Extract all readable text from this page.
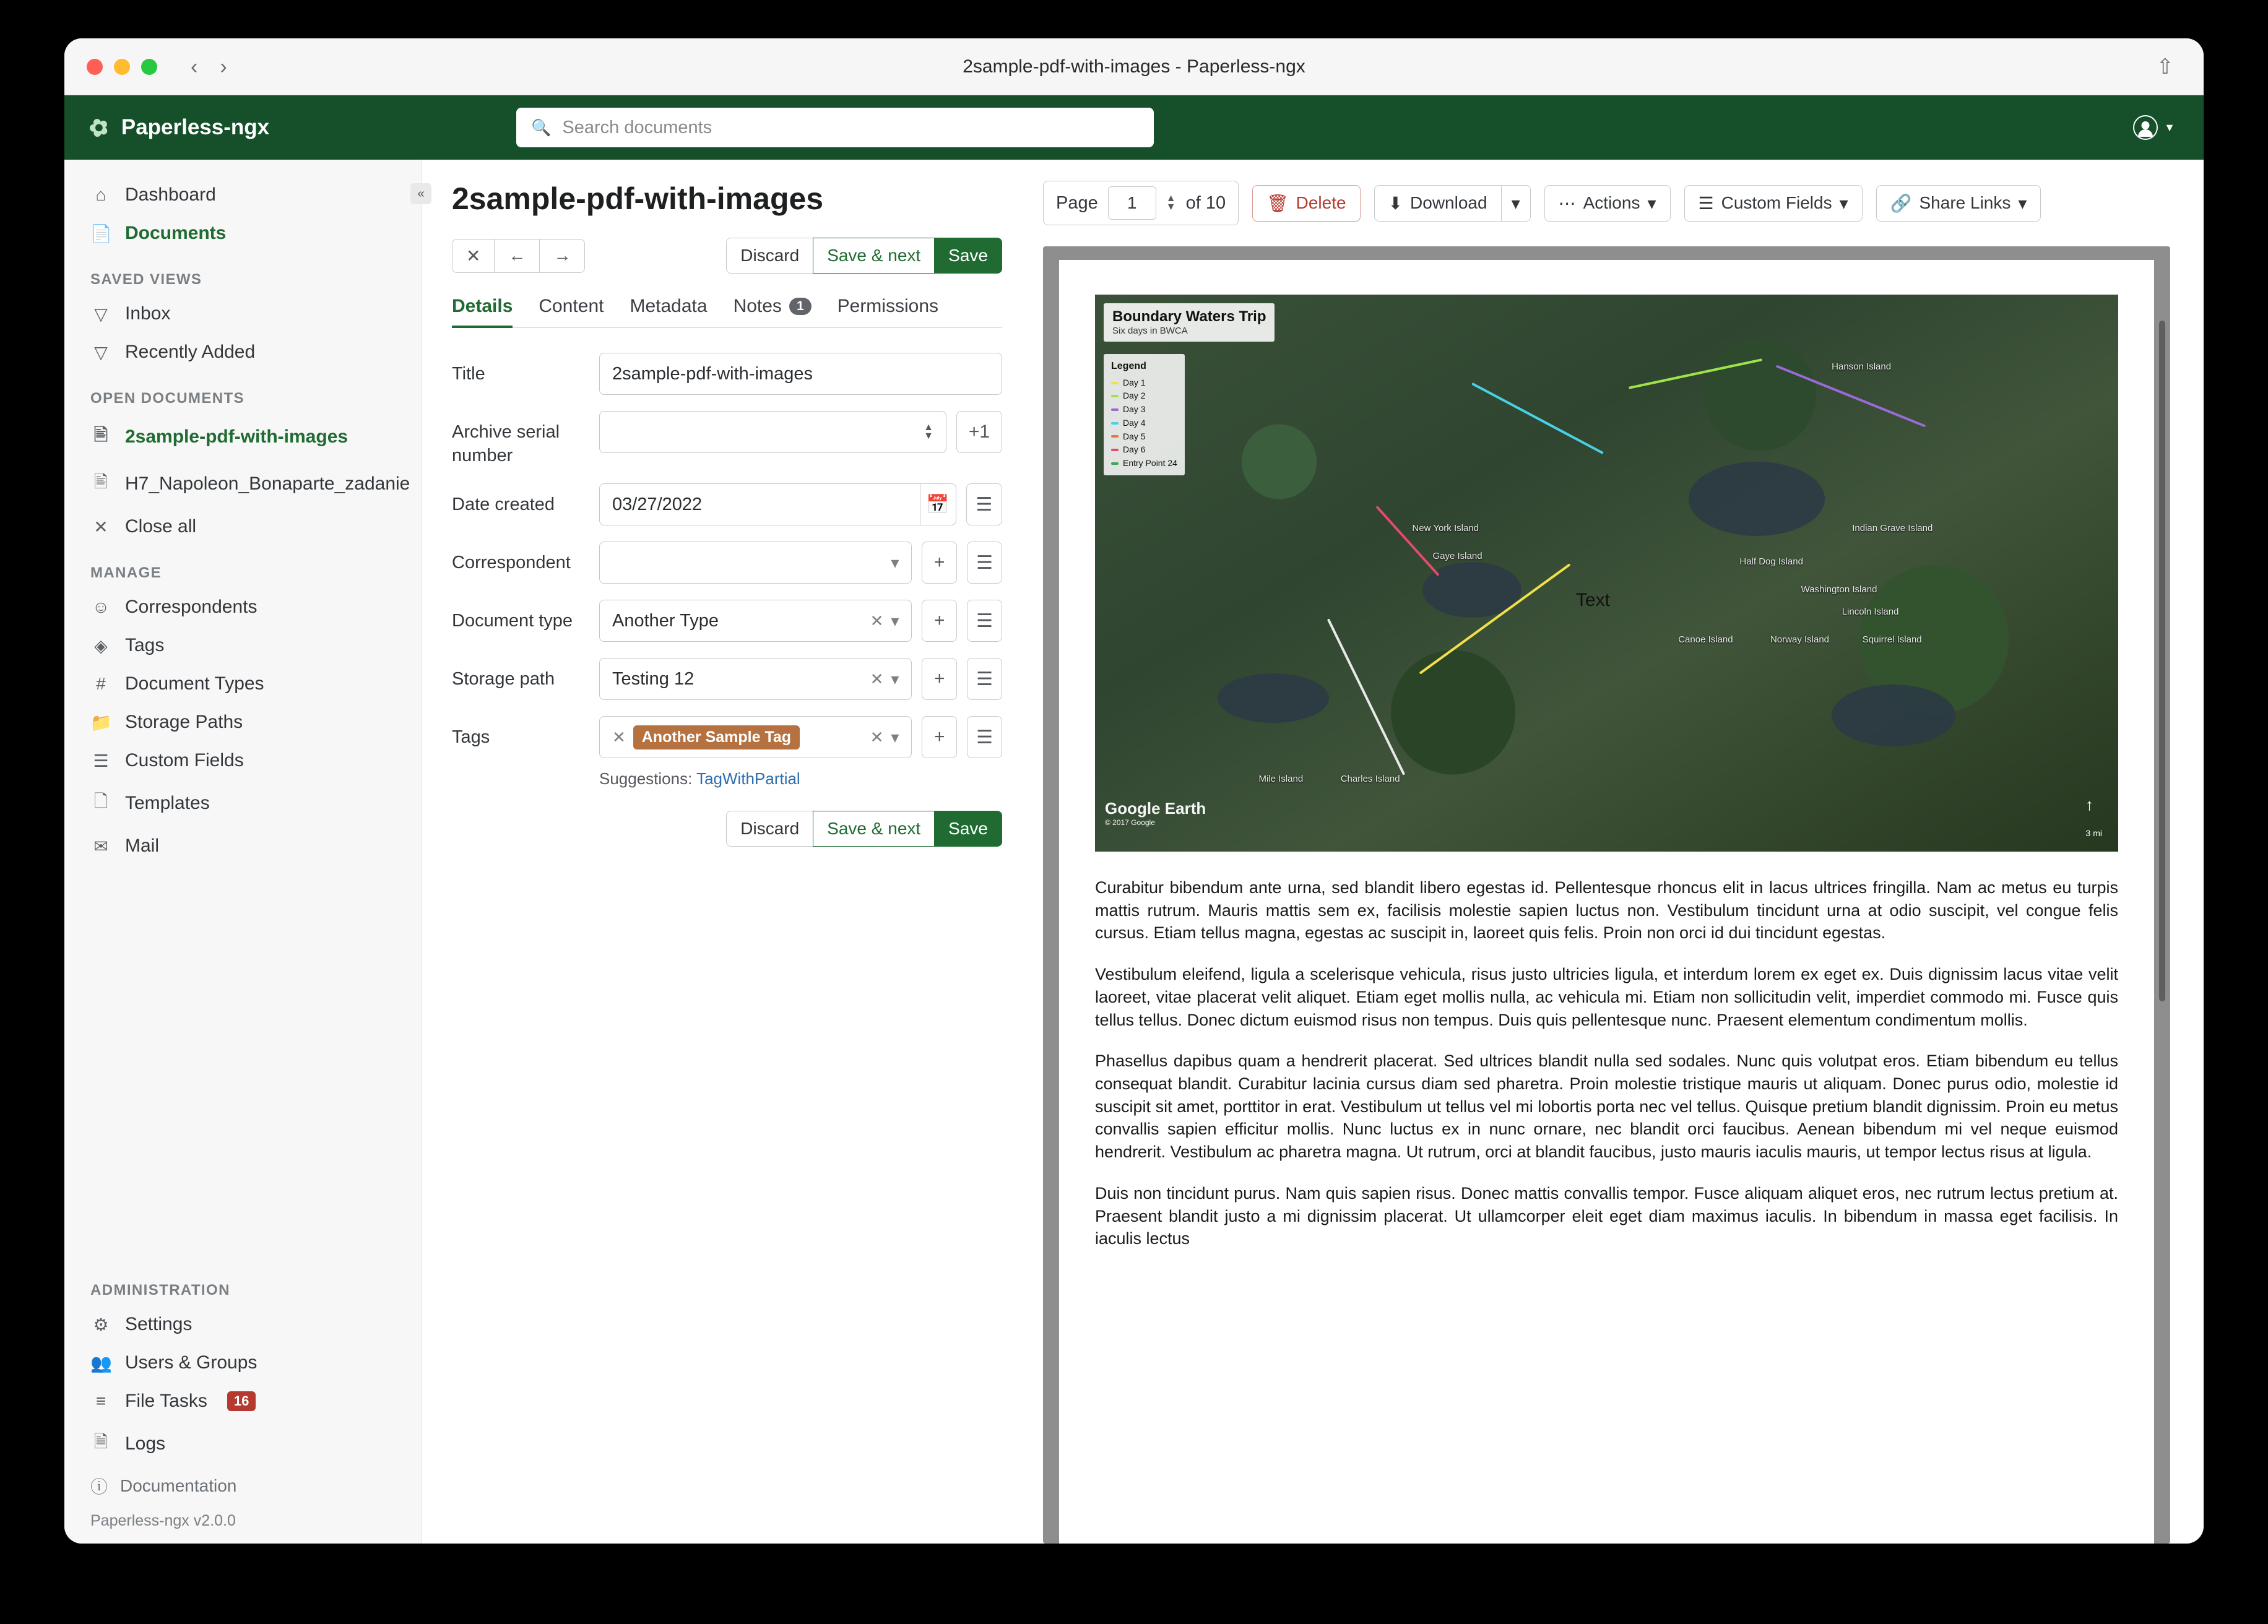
‹ ›	2sample-pdf-with-images - Paperless-ngx	⇧
✿ Paperless-ngx	🔍
Search documents	▼
«
⌂ Dashboard
📄 Documents
SAVED VIEWS
▽ Inbox
▽ Recently Added
OPEN DOCUMENTS
🖹 2sample-pdf-with-images
🖹 H7_Napoleon_Bonaparte_zadanie
✕ Close all
MANAGE
☺ Correspondents
◈ Tags
#	Document Types
📁 Storage Paths
☰ Custom Fields
🗋 Templates
✉ Mail
ADMINISTRATION
⚙ Settings
👥 Users & Groups
≡ File Tasks	16
🗎 Logs
ⓘ Documentation
Paperless-ngx v2.0.0
2sample-pdf-with-images
✕	←	→	Discard	Save & next	Save
Details Content Metadata Notes	1	Permissions
Title	2sample-pdf-with-images
Archive serial number
▲
▼	+1
Date created	03/27/2022	📅	☰
Correspondent	▾	+	☰
Document type	Another Type	✕ ▾	+	☰
Storage path	Testing 12	✕ ▾	+	☰
Tags	✕	Another Sample Tag	✕ ▾	+	☰
Suggestions: TagWithPartial
Discard	Save & next	Save
Page	1	▲
▼ of 10 🗑 Delete ⬇ Download	▾	⋯ Actions ▾ ☰ Custom Fields ▾ 🔗 Share Links ▾
Boundary Waters Trip
Six days in BWCA
Legend
Day 1
Day 2
Day 3
Day 4
Day 5
Day 6
Entry Point 24
Hanson Island
New York Island
Gaye Island
Indian Grave Island
Half Dog Island
Washington Island
Canoe Island	Norway Island	Squirrel Island
Lincoln Island
Mile Island	Charles Island
Text
Google Earth
© 2017 Google
↑
3 mi

Curabitur bibendum ante urna, sed blandit libero egestas id. Pellentesque rhoncus elit in lacus ultrices fringilla. Nam ac metus eu turpis mattis rutrum. Mauris mattis sem ex, facilisis molestie sapien luctus non. Vestibulum tincidunt urna at odio suscipit, vel congue felis cursus. Etiam tellus magna, egestas ac suscipit in, laoreet quis felis. Proin non orci id dui tincidunt egestas.

Vestibulum eleifend, ligula a scelerisque vehicula, risus justo ultricies ligula, et interdum lorem ex eget ex. Duis dignissim lacus vitae velit laoreet, vitae placerat velit aliquet. Etiam eget mollis nulla, ac vehicula mi. Etiam non sollicitudin velit, imperdiet commodo mi. Fusce quis tellus tellus. Donec dictum euismod risus non tempus. Duis quis pellentesque nunc. Praesent elementum condimentum mollis.

Phasellus dapibus quam a hendrerit placerat. Sed ultrices blandit nulla sed sodales. Nunc quis volutpat eros. Etiam bibendum eu tellus consequat blandit. Curabitur lacinia cursus diam sed pharetra. Proin molestie tristique mauris ut aliquam. Donec purus odio, molestie id suscipit sit amet, porttitor in erat. Vestibulum ut tellus vel mi lobortis porta nec vel tellus. Quisque pretium blandit dignissim. Proin eu metus convallis sapien efficitur mollis. Nunc luctus ex in nunc ornare, nec blandit orci faucibus. Aenean bibendum mi vel neque euismod hendrerit. Vestibulum ac pharetra magna. Ut rutrum, orci at blandit faucibus, justo mauris iaculis mauris, ut tempor lectus risus at ligula.

Duis non tincidunt purus. Nam quis sapien risus. Donec mattis convallis tempor. Fusce aliquam aliquet eros, nec rutrum lectus pretium at. Praesent blandit justo a mi dignissim placerat. Ut ullamcorper eleit eget diam maximus iaculis. In bibendum in massa eget facilisis. In iaculis lectus
